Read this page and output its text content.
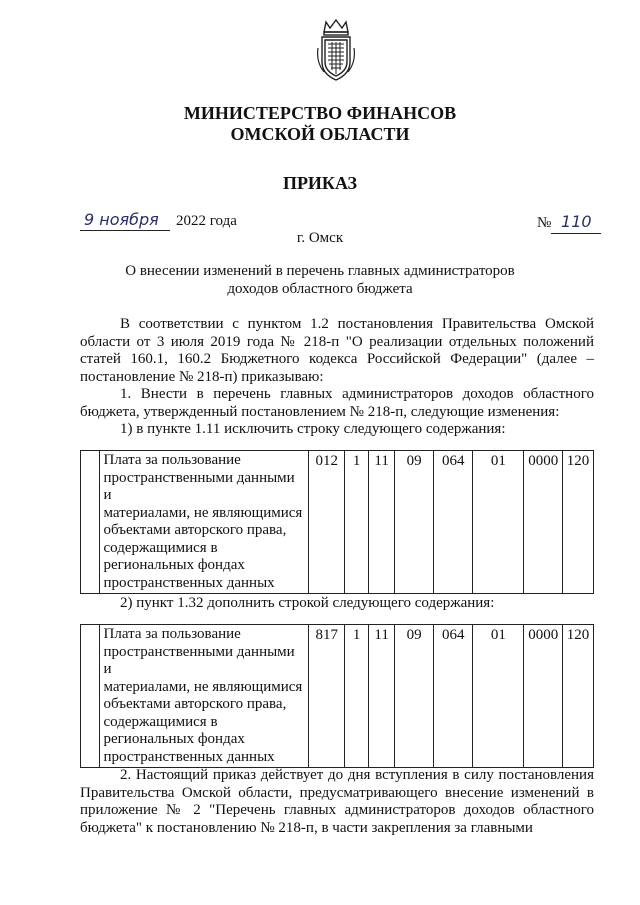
МИНИСТЕРСТВО ФИНАНСОВ
ОМСКОЙ ОБЛАСТИ
ПРИКАЗ
9 ноября	2022 года	№ 110
г. Омск
О внесении изменений в перечень главных администраторов
доходов областного бюджета

В соответствии с пунктом 1.2 постановления Правительства Омской области от 3 июля 2019 года № 218-п "О реализации отдельных положений статей 160.1, 160.2 Бюджетного кодекса Российской Федерации" (далее – постановление № 218-п) приказываю:

1. Внести в перечень главных администраторов доходов областного бюджета, утвержденный постановлением № 218-п, следующие изменения:

1) в пункте 1.11 исключить строку следующего содержания:

Плата за пользование
пространственными данными и
материалами, не являющимися
объектами авторского права,
содержащимися в
региональных фондах
пространственных данных
	012	1	11	09	064	01	0000	120

2) пункт 1.32 дополнить строкой следующего содержания:

Плата за пользование
пространственными данными и
материалами, не являющимися
объектами авторского права,
содержащимися в
региональных фондах
пространственных данных
	817	1	11	09	064	01	0000	120

2. Настоящий приказ действует до дня вступления в силу постановления Правительства Омской области, предусматривающего внесение изменений в приложение № 2 "Перечень главных администраторов доходов областного бюджета" к постановлению № 218-п, в части закрепления за главными
